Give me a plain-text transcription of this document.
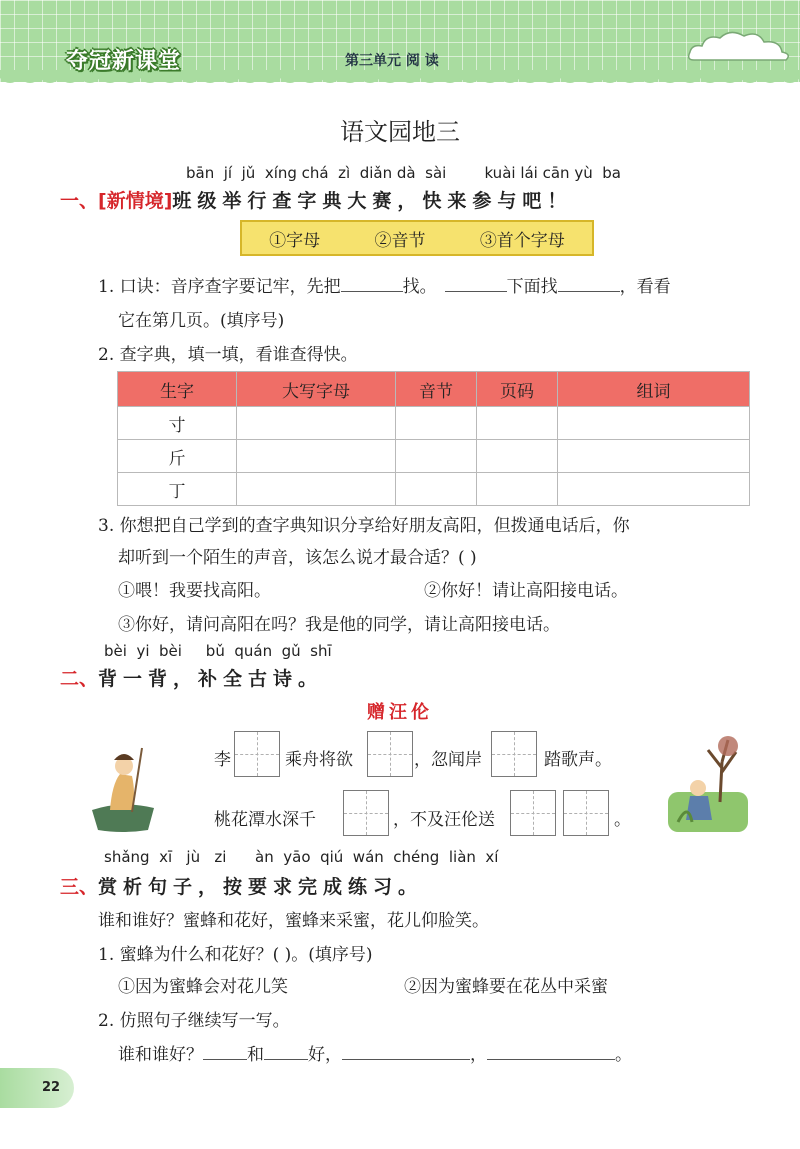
夺冠新课堂	第三单元 阅 读
语文园地三
bān  jí  jǔ  xíng chá  zì  diǎn dà  sài        kuài lái cān yù  ba
一、[新情境]班级举行查字典大赛，快来参与吧！
①字母	②音节	③首个字母
1. 口诀：音序查字要记牢，先把	找。	下面找	，看看
它在第几页。(填序号)
2. 查字典，填一填，看谁查得快。
生字	大写字母	音节	页码	组词
寸				
斤				
丁				
3. 你想把自己学到的查字典知识分享给好朋友高阳，但拨通电话后，你
却听到一个陌生的声音，该怎么说才最合适？( )
①喂！我要找高阳。	②你好！请让高阳接电话。
③你好，请问高阳在吗？我是他的同学，请让高阳接电话。
bèi  yi  bèi     bǔ  quán  gǔ  shī
二、背一背，补全古诗。
赠汪伦
李	乘舟将欲	，忽闻岸	踏歌声。
桃花潭水深千	，不及汪伦送	。
shǎng  xī   jù   zi      àn  yāo  qiú  wán  chéng  liàn  xí
三、赏析句子，按要求完成练习。
谁和谁好？蜜蜂和花好，蜜蜂来采蜜，花儿仰脸笑。
1. 蜜蜂为什么和花好？( )。(填序号)
①因为蜜蜂会对花儿笑	②因为蜜蜂要在花丛中采蜜
2. 仿照句子继续写一写。
谁和谁好？	和	好，	，	。
22
